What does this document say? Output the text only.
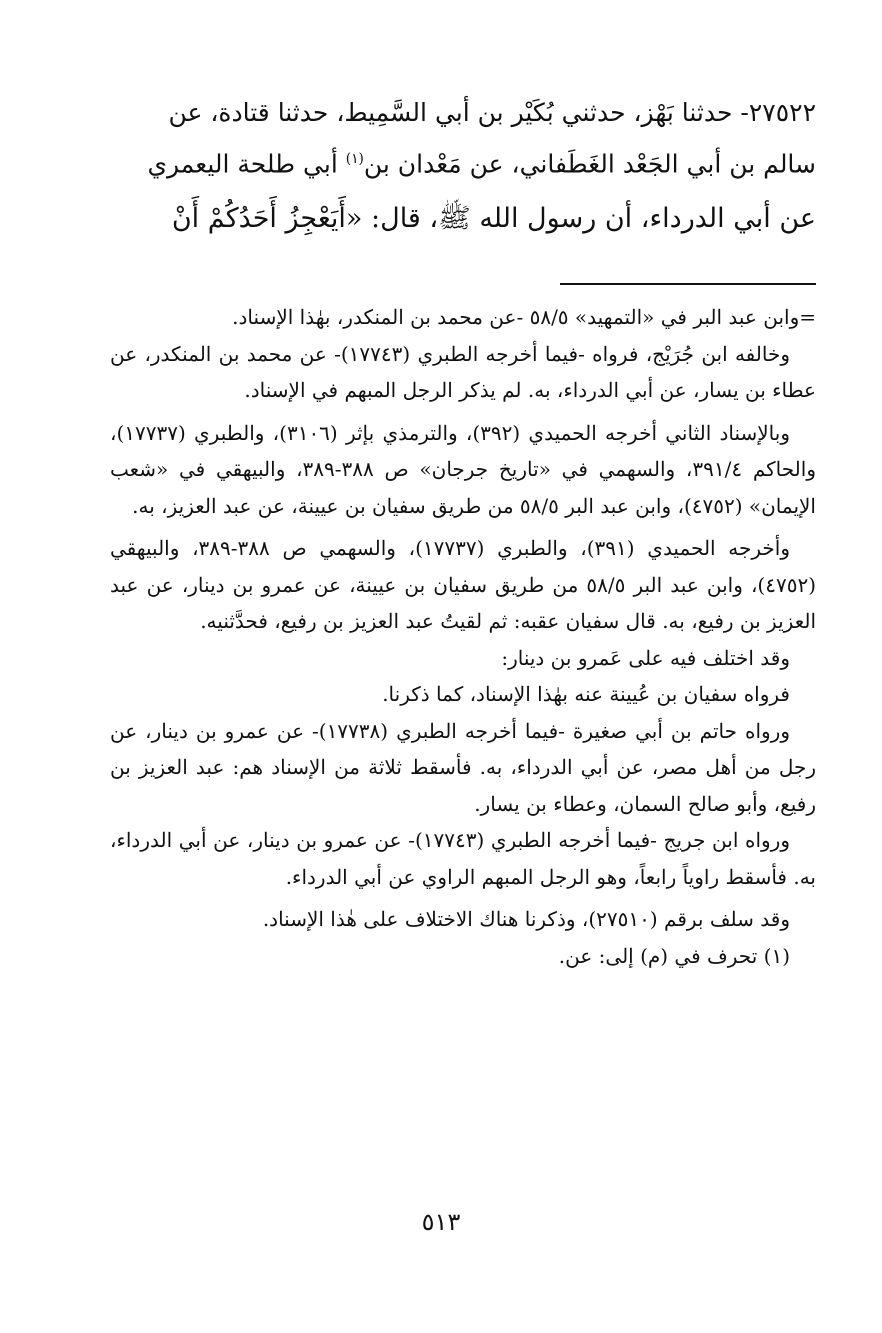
٢٧٥٢٢- حدثنا بَهْز، حدثني بُكَيْر بن أبي السَّمِيط، حدثنا قتادة، عن

سالم بن أبي الجَعْد الغَطَفاني، عن مَعْدان بن$^{(١)}$ أبي طلحة اليعمري

عن أبي الدرداء، أن رسول الله ﷺ، قال: «أَيَعْجِزُ أَحَدُكُمْ أَنْ

=وابن عبد البر في «التمهيد» ٥٨/٥ -عن محمد بن المنكدر، بهٰذا الإسناد.

وخالفه ابن جُرَيْج، فرواه -فيما أخرجه الطبري (١٧٧٤٣)- عن محمد بن المنكدر، عن عطاء بن يسار، عن أبي الدرداء، به. لم يذكر الرجل المبهم في الإسناد.

وبالإسناد الثاني أخرجه الحميدي (٣٩٢)، والترمذي بإثر (٣١٠٦)، والطبري (١٧٧٣٧)، والحاكم ٣٩١/٤، والسهمي في «تاريخ جرجان» ص ٣٨٨-٣٨٩، والبيهقي في «شعب الإيمان» (٤٧٥٢)، وابن عبد البر ٥٨/٥ من طريق سفيان بن عيينة، عن عبد العزيز، به.

وأخرجه الحميدي (٣٩١)، والطبري (١٧٧٣٧)، والسهمي ص ٣٨٨-٣٨٩، والبيهقي (٤٧٥٢)، وابن عبد البر ٥٨/٥ من طريق سفيان بن عيينة، عن عمرو بن دينار، عن عبد العزيز بن رفيع، به. قال سفيان عقبه: ثم لقيتُ عبد العزيز بن رفيع، فحدَّثنيه.

وقد اختلف فيه على عَمرو بن دينار:

فرواه سفيان بن عُيينة عنه بهٰذا الإسناد، كما ذكرنا.

ورواه حاتم بن أبي صغيرة -فيما أخرجه الطبري (١٧٧٣٨)- عن عمرو بن دينار، عن رجل من أهل مصر، عن أبي الدرداء، به. فأسقط ثلاثة من الإسناد هم: عبد العزيز بن رفيع، وأبو صالح السمان، وعطاء بن يسار.

ورواه ابن جريج -فيما أخرجه الطبري (١٧٧٤٣)- عن عمرو بن دينار، عن أبي الدرداء، به. فأسقط راوياً رابعاً، وهو الرجل المبهم الراوي عن أبي الدرداء.

وقد سلف برقم (٢٧٥١٠)، وذكرنا هناك الاختلاف على هٰذا الإسناد.

(١) تحرف في (م) إلى: عن.

٥١٣
